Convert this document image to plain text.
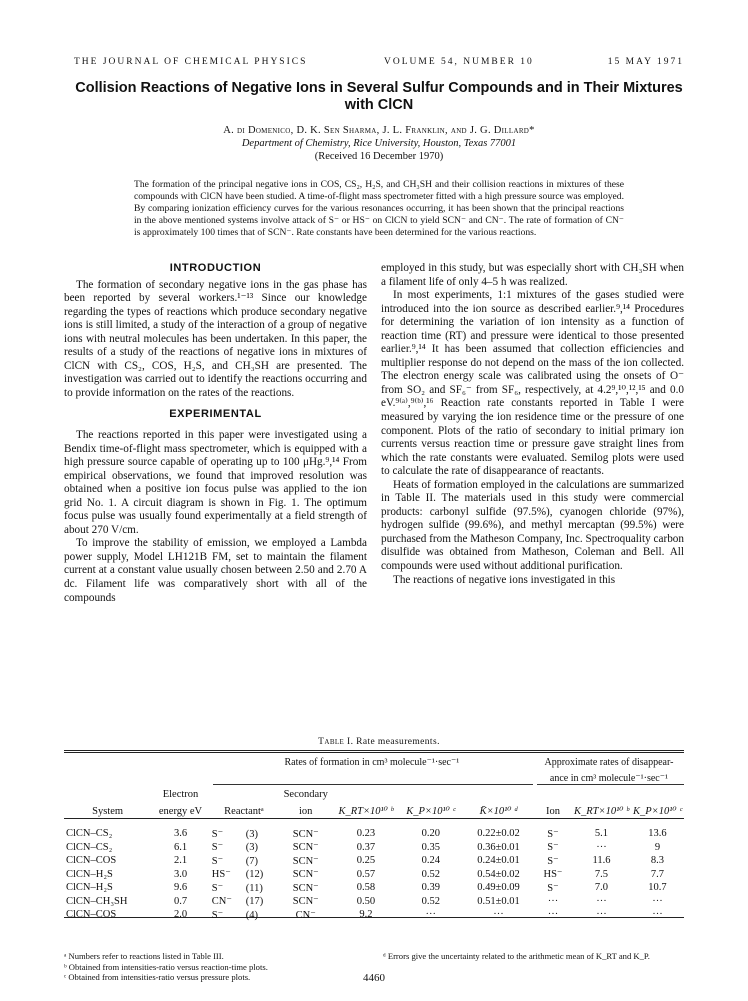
THE JOURNAL OF CHEMICAL PHYSICS	VOLUME 54, NUMBER 10	15 MAY 1971
Collision Reactions of Negative Ions in Several Sulfur Compounds and in Their Mixtures with ClCN
A. di Domenico, D. K. Sen Sharma, J. L. Franklin, and J. G. Dillard*
Department of Chemistry, Rice University, Houston, Texas 77001
(Received 16 December 1970)
The formation of the principal negative ions in COS, CS₂, H₂S, and CH₃SH and their collision reactions in mixtures of these compounds with ClCN have been studied. A time-of-flight mass spectrometer fitted with a high pressure source was employed. By comparing ionization efficiency curves for the various resonances occurring, it has been shown that the principal reactions in the above mentioned systems involve attack of S⁻ or HS⁻ on ClCN to yield SCN⁻ and CN⁻. The rate of formation of CN⁻ is approximately 100 times that of SCN⁻. Rate constants have been determined for the various reactions.
INTRODUCTION

The formation of secondary negative ions in the gas phase has been reported by several workers.¹⁻¹³ Since our knowledge regarding the types of reactions which produce secondary negative ions is still limited, a study of the interaction of a group of negative ions with neutral molecules has been undertaken. In this paper, the results of a study of the reactions of negative ions in mixtures of ClCN with CS₂, COS, H₂S, and CH₃SH are presented. The investigation was carried out to identify the reactions occurring and to provide information on the rates of the reactions.

EXPERIMENTAL

The reactions reported in this paper were investigated using a Bendix time-of-flight mass spectrometer, which is equipped with a high pressure source capable of operating up to 100 μHg.⁹,¹⁴ From empirical observations, we found that improved resolution was obtained when a positive ion focus pulse was applied to the ion grid No. 1. A circuit diagram is shown in Fig. 1. The optimum focus pulse was usually found experimentally at a field strength of about 270 V/cm.

To improve the stability of emission, we employed a Lambda power supply, Model LH121B FM, set to maintain the filament current at a constant value usually chosen between 2.50 and 2.70 A dc. Filament life was comparatively short with all of the compounds

employed in this study, but was especially short with CH₃SH when a filament life of only 4–5 h was realized.

In most experiments, 1:1 mixtures of the gases studied were introduced into the ion source as described earlier.⁹,¹⁴ Procedures for determining the variation of ion intensity as a function of reaction time (RT) and pressure were identical to those presented earlier.⁹,¹⁴ It has been assumed that collection efficiencies and multiplier response do not depend on the mass of the ion collected. The electron energy scale was calibrated using the onsets of O⁻ from SO₂ and SF₆⁻ from SF₆, respectively, at 4.2⁹,¹⁰,¹²,¹⁵ and 0.0 eV.⁹⁽ᵃ⁾,⁹⁽ᵇ⁾,¹⁶ Reaction rate constants reported in Table I were measured by varying the ion residence time or the pressure of one component. Plots of the ratio of secondary to initial primary ion currents versus reaction time or pressure gave straight lines from which the rate constants were evaluated. Semilog plots were used to calculate the rate of disappearance of reactants.

Heats of formation employed in the calculations are summarized in Table II. The materials used in this study were commercial products: carbonyl sulfide (97.5%), cyanogen chloride (97%), hydrogen sulfide (99.6%), and methyl mercaptan (99.5%) were purchased from the Matheson Company, Inc. Spectroquality carbon disulfide was obtained from Matheson, Coleman and Bell. All compounds were used without additional purification.

The reactions of negative ions investigated in this

Table I. Rate measurements.
		Rates of formation in cm³ molecule⁻¹·sec⁻¹					Approximate rates of disappear-		
							ance in cm³ molecule⁻¹·sec⁻¹		
	Electron		Secondary						
System	energy eV	Reactantᵃ	ion	K_RT×10¹⁰ ᵇ	K_P×10¹⁰ ᶜ	K̄×10¹⁰ ᵈ	Ion	K_RT×10¹⁰ ᵇ	K_P×10¹⁰ ᶜ

ClCN–CS₂	3.6	S⁻ (3)	SCN⁻	0.23	0.20	0.22±0.02	S⁻	5.1	13.6
ClCN–CS₂	6.1	S⁻ (3)	SCN⁻	0.37	0.35	0.36±0.01	S⁻	···	9
ClCN–COS	2.1	S⁻ (7)	SCN⁻	0.25	0.24	0.24±0.01	S⁻	11.6	8.3
ClCN–H₂S	3.0	HS⁻ (12)	SCN⁻	0.57	0.52	0.54±0.02	HS⁻	7.5	7.7
ClCN–H₂S	9.6	S⁻ (11)	SCN⁻	0.58	0.39	0.49±0.09	S⁻	7.0	10.7
ClCN–CH₃SH	0.7	CN⁻ (17)	SCN⁻	0.50	0.52	0.51±0.01	···	···	···
ClCN–COS	2.0	S⁻ (4)	CN⁻	9.2	···	···	···	···	···
ᵃ Numbers refer to reactions listed in Table III.
ᵇ Obtained from intensities-ratio versus reaction-time plots.
ᶜ Obtained from intensities-ratio versus pressure plots.
ᵈ Errors give the uncertainty related to the arithmetic mean of K_RT and K_P.
4460
